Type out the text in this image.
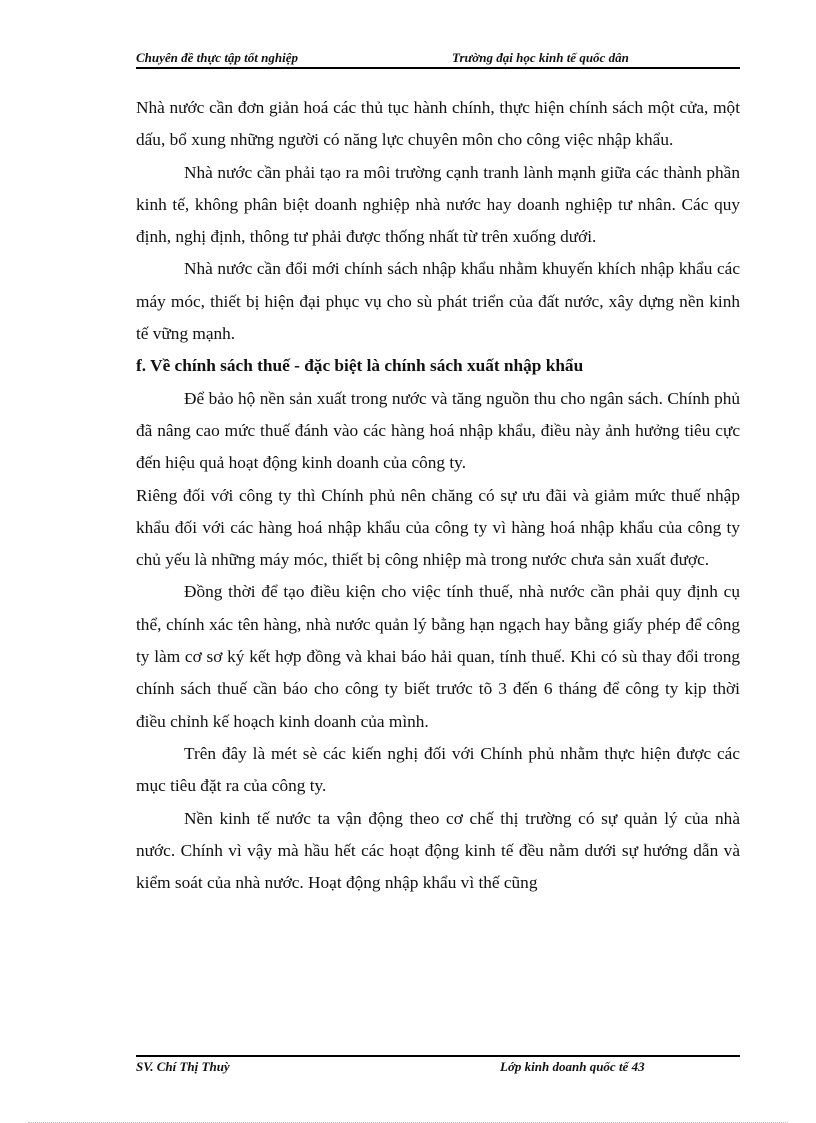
Chuyên đề thực tập tốt nghiệp	Trường đại học kinh tế quốc dân

Nhà nước cần đơn giản hoá các thủ tục hành chính, thực hiện chính sách một cửa, một dấu, bổ xung những người có năng lực chuyên môn cho công việc nhập khẩu.

Nhà nước cần phải tạo ra môi trường cạnh tranh lành mạnh giữa các thành phần kinh tế, không phân biệt doanh nghiệp nhà nước hay doanh nghiệp tư nhân. Các quy định, nghị định, thông tư phải được thống nhất từ trên xuống dưới.

Nhà nước cần đổi mới chính sách nhập khẩu nhằm khuyến khích nhập khẩu các máy móc, thiết bị hiện đại phục vụ cho sù phát triển của đất nước, xây dựng nền kinh tế vững mạnh.

f. Về chính sách thuế - đặc biệt là chính sách xuất nhập khẩu

Để bảo hộ nền sản xuất trong nước và tăng nguồn thu cho ngân sách. Chính phủ đã nâng cao mức thuế đánh vào các hàng hoá nhập khẩu, điều này ảnh hưởng tiêu cực đến hiệu quả hoạt động kinh doanh của công ty.

Riêng đối với công ty thì Chính phủ nên chăng có sự ưu đãi và giảm mức thuế nhập khẩu đối với các hàng hoá nhập khẩu của công ty vì hàng hoá nhập khẩu của công ty chủ yếu là những máy móc, thiết bị công nhiệp mà trong nước chưa sản xuất được.

Đồng thời để tạo điều kiện cho việc tính thuế, nhà nước cần phải quy định cụ thể, chính xác tên hàng, nhà nước quản lý bằng hạn ngạch hay bằng giấy phép để công ty làm cơ sơ ký kết hợp đồng và khai báo hải quan, tính thuế. Khi có sù thay đổi trong chính sách thuế cần báo cho công ty biết trước tõ 3 đến 6 tháng để công ty kịp thời điều chỉnh kế hoạch kinh doanh của mình.

Trên đây là mét sè các kiến nghị đối với Chính phủ nhằm thực hiện được các mục tiêu đặt ra của công ty.

Nền kinh tế nước ta vận động theo cơ chế thị trường có sự quản lý của nhà nước. Chính vì vậy mà hầu hết các hoạt động kinh tế đều nằm dưới sự hướng dẫn và kiểm soát của nhà nước. Hoạt động nhập khẩu vì thế cũng

SV. Chí Thị Thuỳ	Lớp kinh doanh quốc tế 43
